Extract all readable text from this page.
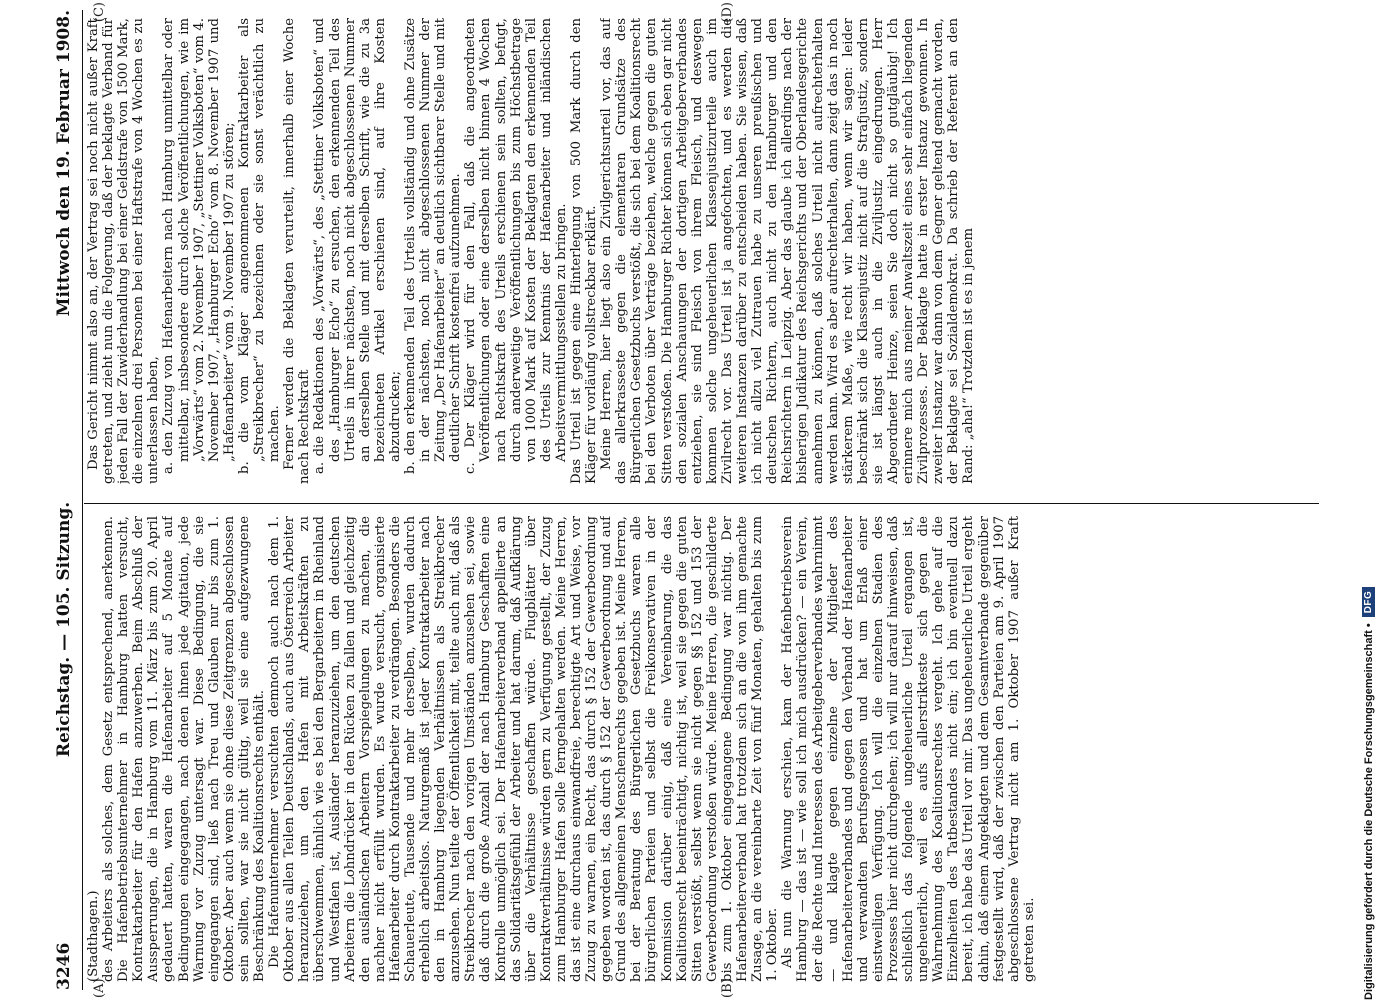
3246
Reichstag. — 105. Sitzung.
Mittwoch den 19. Februar 1908.
(A)	(B)
(C)	(D)

(Stadthagen.) des Arbeiters als solches, dem Gesetz entsprechend, anerkennen. Die Hafenbetriebsunternehmer in Hamburg hatten versucht, Kontraktarbeiter für den Hafen anzuwerben. Beim Abschluß der Aussperrungen, die in Hamburg vom 11. März bis zum 20. April gedauert hatten, waren die Hafenarbeiter auf 5 Monate auf Bedingungen eingegangen, nach denen ihnen jede Agitation, jede Warnung vor Zuzug untersagt war. Diese Bedingung, die sie eingegangen sind, ließ nach Treu und Glauben nur bis zum 1. Oktober. Aber auch wenn sie ohne diese Zeitgrenzen abgeschlossen sein sollten, war sie nicht gültig, weil sie eine aufgezwungene Beschränkung des Koalitionsrechts enthält. Die Hafenunternehmer versuchten demnoch auch nach dem 1. Oktober aus allen Teilen Deutschlands, auch aus Österreich Arbeiter heranzuziehen, um den Hafen mit Arbeitskräften zu überschwemmen, ähnlich wie es bei den Bergarbeitern in Rheinland und Westfalen ist, Ausländer heranzuziehen, um den deutschen Arbeitern die Lohndrücker in den Rücken zu fallen und gleichzeitig den ausländischen Arbeitern Vorspiegelungen zu machen, die nachher nicht erfüllt wurden. Es wurde versucht, organisierte Hafenarbeiter durch Kontraktarbeiter zu verdrängen. Besonders die Schauerleute, Tausende und mehr derselben, wurden dadurch erheblich arbeitslos. Naturgemäß ist jeder Kontraktarbeiter nach den in Hamburg liegenden Verhältnissen als Streikbrecher anzusehen. Nun teilte der Öffentlichkeit mit, teilte auch mit, daß als Streikbrecher nach den vorigen Umständen anzusehen sei, sowie daß durch die große Anzahl der nach Hamburg Geschafften eine Kontrolle unmöglich sei. Der Hafenarbeiterverband appellierte an das Solidaritätsgefühl der Arbeiter und hat darum, daß Aufklärung über die Verhältnisse geschaffen würde. Flugblätter über Kontraktverhältnisse würden gern zu Verfügung gestellt, der Zuzug zum Hamburger Hafen solle ferngehalten werden. Meine Herren, das ist eine durchaus einwandfreie, berechtigte Art und Weise, vor Zuzug zu warnen, ein Recht, das durch § 152 der Gewerbeordnung gegeben worden ist, das durch § 152 der Gewerbeordnung und auf Grund des allgemeinen Menschenrechts gegeben ist. Meine Herren, bei der Beratung des Bürgerlichen Gesetzbuchs waren alle bürgerlichen Parteien und selbst die Freikonservativen in der Kommission darüber einig, daß eine Vereinbarung, die das Koalitionsrecht beeinträchtigt, nichtig ist, weil sie gegen die guten Sitten verstößt, selbst wenn sie nicht gegen §§ 152 und 153 der Gewerbeordnung verstoßen würde. Meine Herren, die geschilderte bis zum 1. Oktober eingegangene Bedingung war nichtig. Der Hafenarbeiterverband hat trotzdem sich an die von ihm gemachte Zusage, an die vereinbarte Zeit von fünf Monaten, gehalten bis zum 1. Oktober. Als nun die Warnung erschien, kam der Hafenbetriebsverein Hamburg — das ist — wie soll ich mich ausdrücken? — ein Verein, der die Rechte und Interessen des Arbeitgeberverbandes wahrnimmt — und klagte gegen einzelne der Mitglieder des Hafenarbeiterverbandes und gegen den Verband der Hafenarbeiter und verwandten Berufsgenossen und hat um Erlaß einer einstweiligen Verfügung. Ich will die einzelnen Stadien des Prozesses hier nicht durchgehen; ich will nur darauf hinweisen, daß schließlich das folgende ungeheuerliche Urteil ergangen ist, ungeheuerlich, weil es aufs allerstrikteste sich gegen die Wahrnehmung des Koalitionsrechtes vergeht. Ich gehe auf die Einzelheiten des Tatbestandes nicht ein; ich bin eventuell dazu bereit, ich habe das Urteil vor mir. Das ungeheuerliche Urteil ergeht dahin, daß einem Angeklagten und dem Gesamtverbande gegenüber festgestellt wird, daß der zwischen den Parteien am 9. April 1907 abgeschlossene Vertrag nicht am 1. Oktober 1907 außer Kraft getreten sei.

Das Gericht nimmt also an, der Vertrag sei noch nicht außer Kraft getreten, und zieht nun die Folgerung, daß der beklagte Verband für jeden Fall der Zuwiderhandlung bei einer Geldstrafe von 1500 Mark, die einzelnen drei Personen bei einer Haftstrafe von 4 Wochen es zu unterlassen haben, a. den Zuzug von Hafenarbeitern nach Hamburg unmittelbar oder mittelbar, insbesondere durch solche Veröffentlichungen, wie im „Vorwärts“ vom 2. November 1907, „Stettiner Volksboten“ vom 4. November 1907, „Hamburger Echo“ vom 8. November 1907 und „Hafenarbeiter“ vom 9. November 1907 zu stören; b. die vom Kläger angenommenen Kontraktarbeiter als „Streikbrecher“ zu bezeichnen oder sie sonst verächtlich zu machen. Ferner werden die Beklagten verurteilt, innerhalb einer Woche nach Rechtskraft a. die Redaktionen des „Vorwärts“, des „Stettiner Volksboten“ und des „Hamburger Echo“ zu ersuchen, den erkennenden Teil des Urteils in ihrer nächsten, noch nicht abgeschlossenen Nummer an derselben Stelle und mit derselben Schrift, wie die zu 3a bezeichneten Artikel erschienen sind, auf ihre Kosten abzudrucken; b. den erkennenden Teil des Urteils vollständig und ohne Zusätze in der nächsten, noch nicht abgeschlossenen Nummer der Zeitung „Der Hafenarbeiter“ an deutlich sichtbarer Stelle und mit deutlicher Schrift kostenfrei aufzunehmen. c. Der Kläger wird für den Fall, daß die angeordneten Veröffentlichungen oder eine derselben nicht binnen 4 Wochen nach Rechtskraft des Urteils erschienen sein sollten, befugt, durch anderweitige Veröffentlichungen bis zum Höchstbetrage von 1000 Mark auf Kosten der Beklagten den erkennenden Teil des Urteils zur Kenntnis der Hafenarbeiter und inländischen Arbeitsvermittlungsstellen zu bringen. Das Urteil ist gegen eine Hinterlegung von 500 Mark durch den Kläger für vorläufig vollstreckbar erklärt. Meine Herren, hier liegt also ein Zivilgerichtsurteil vor, das auf das allerkrasseste gegen die elementaren Grundsätze des Bürgerlichen Gesetzbuchs verstößt, die sich bei dem Koalitionsrecht bei den Verboten über Verträge beziehen, welche gegen die guten Sitten verstoßen. Die Hamburger Richter können sich eben gar nicht den sozialen Anschauungen der dortigen Arbeitgeberverbandes entziehen, sie sind Fleisch von ihrem Fleisch, und deswegen kommen solche ungeheuerlichen Klassenjustizurteile auch im Zivilrecht vor. Das Urteil ist ja angefochten, und es werden die weiteren Instanzen darüber zu entscheiden haben. Sie wissen, daß ich nicht allzu viel Zutrauen habe zu unseren preußischen und deutschen Richtern, auch nicht zu den Hamburger und den Reichsrichtern in Leipzig. Aber das glaube ich allerdings nach der bisherigen Judikatur des Reichsgerichts und der Oberlandesgerichte annehmen zu können, daß solches Urteil nicht aufrechterhalten werden kann. Wird es aber aufrechterhalten, dann zeigt das in noch stärkerem Maße, wie recht wir haben, wenn wir sagen: leider beschränkt sich die Klassenjustiz nicht auf die Strafjustiz, sondern sie ist längst auch in die Ziviljustiz eingedrungen. Herr Abgeordneter Heinze, seien Sie doch nicht so gutgläubig! Ich erinnere mich aus meiner Anwaltszeit eines sehr einfach liegenden Zivilprozesses. Der Beklagte hatte in erster Instanz gewonnen. In zweiter Instanz war dann von dem Gegner geltend gemacht worden, der Beklagte sei Sozialdemokrat. Da schrieb der Referent an den Rand: „aha!“ Trotzdem ist es in jenem

Digitalisierung gefördert durch die Deutsche Forschungsgemeinschaft •
DFG
